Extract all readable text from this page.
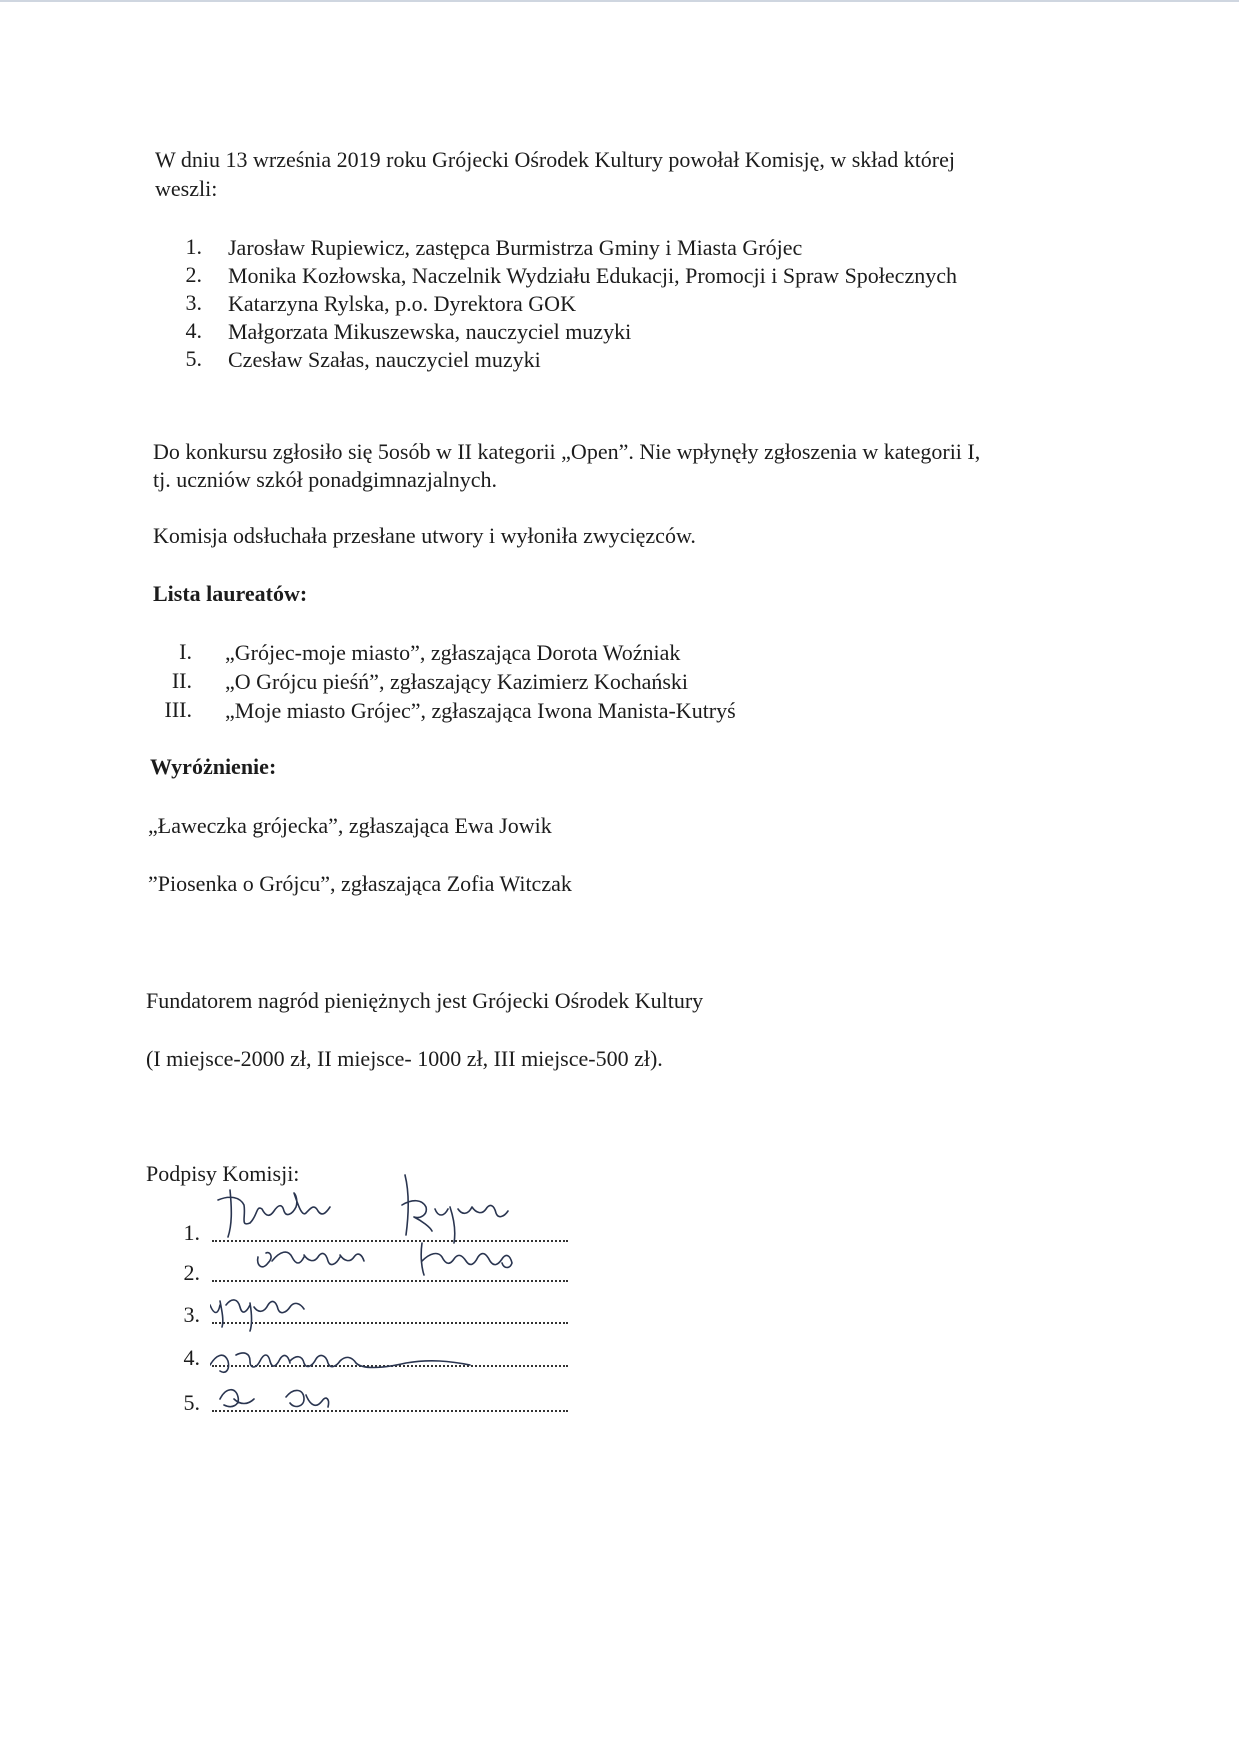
W dniu 13 września 2019 roku Grójecki Ośrodek Kultury powołał Komisję, w skład której
weszli:
1. Jarosław Rupiewicz, zastępca Burmistrza Gminy i Miasta Grójec
2. Monika Kozłowska, Naczelnik Wydziału Edukacji, Promocji i Spraw Społecznych
3. Katarzyna Rylska, p.o. Dyrektora GOK
4. Małgorzata Mikuszewska, nauczyciel muzyki
5. Czesław Szałas, nauczyciel muzyki
Do konkursu zgłosiło się 5osób w II kategorii „Open”. Nie wpłynęły zgłoszenia w kategorii I,
tj. uczniów szkół ponadgimnazjalnych.
Komisja odsłuchała przesłane utwory i wyłoniła zwycięzców.
Lista laureatów:
I. „Grójec-moje miasto”, zgłaszająca Dorota Woźniak
II. „O Grójcu pieśń”, zgłaszający Kazimierz Kochański
III. „Moje miasto Grójec”, zgłaszająca Iwona Manista-Kutryś
Wyróżnienie:
„Ławeczka grójecka”, zgłaszająca Ewa Jowik
”Piosenka o Grójcu”, zgłaszająca Zofia Witczak
Fundatorem nagród pieniężnych jest Grójecki Ośrodek Kultury
(I miejsce-2000 zł, II miejsce- 1000 zł, III miejsce-500 zł).
Podpisy Komisji:
1.
2.
3.
4.
5.
